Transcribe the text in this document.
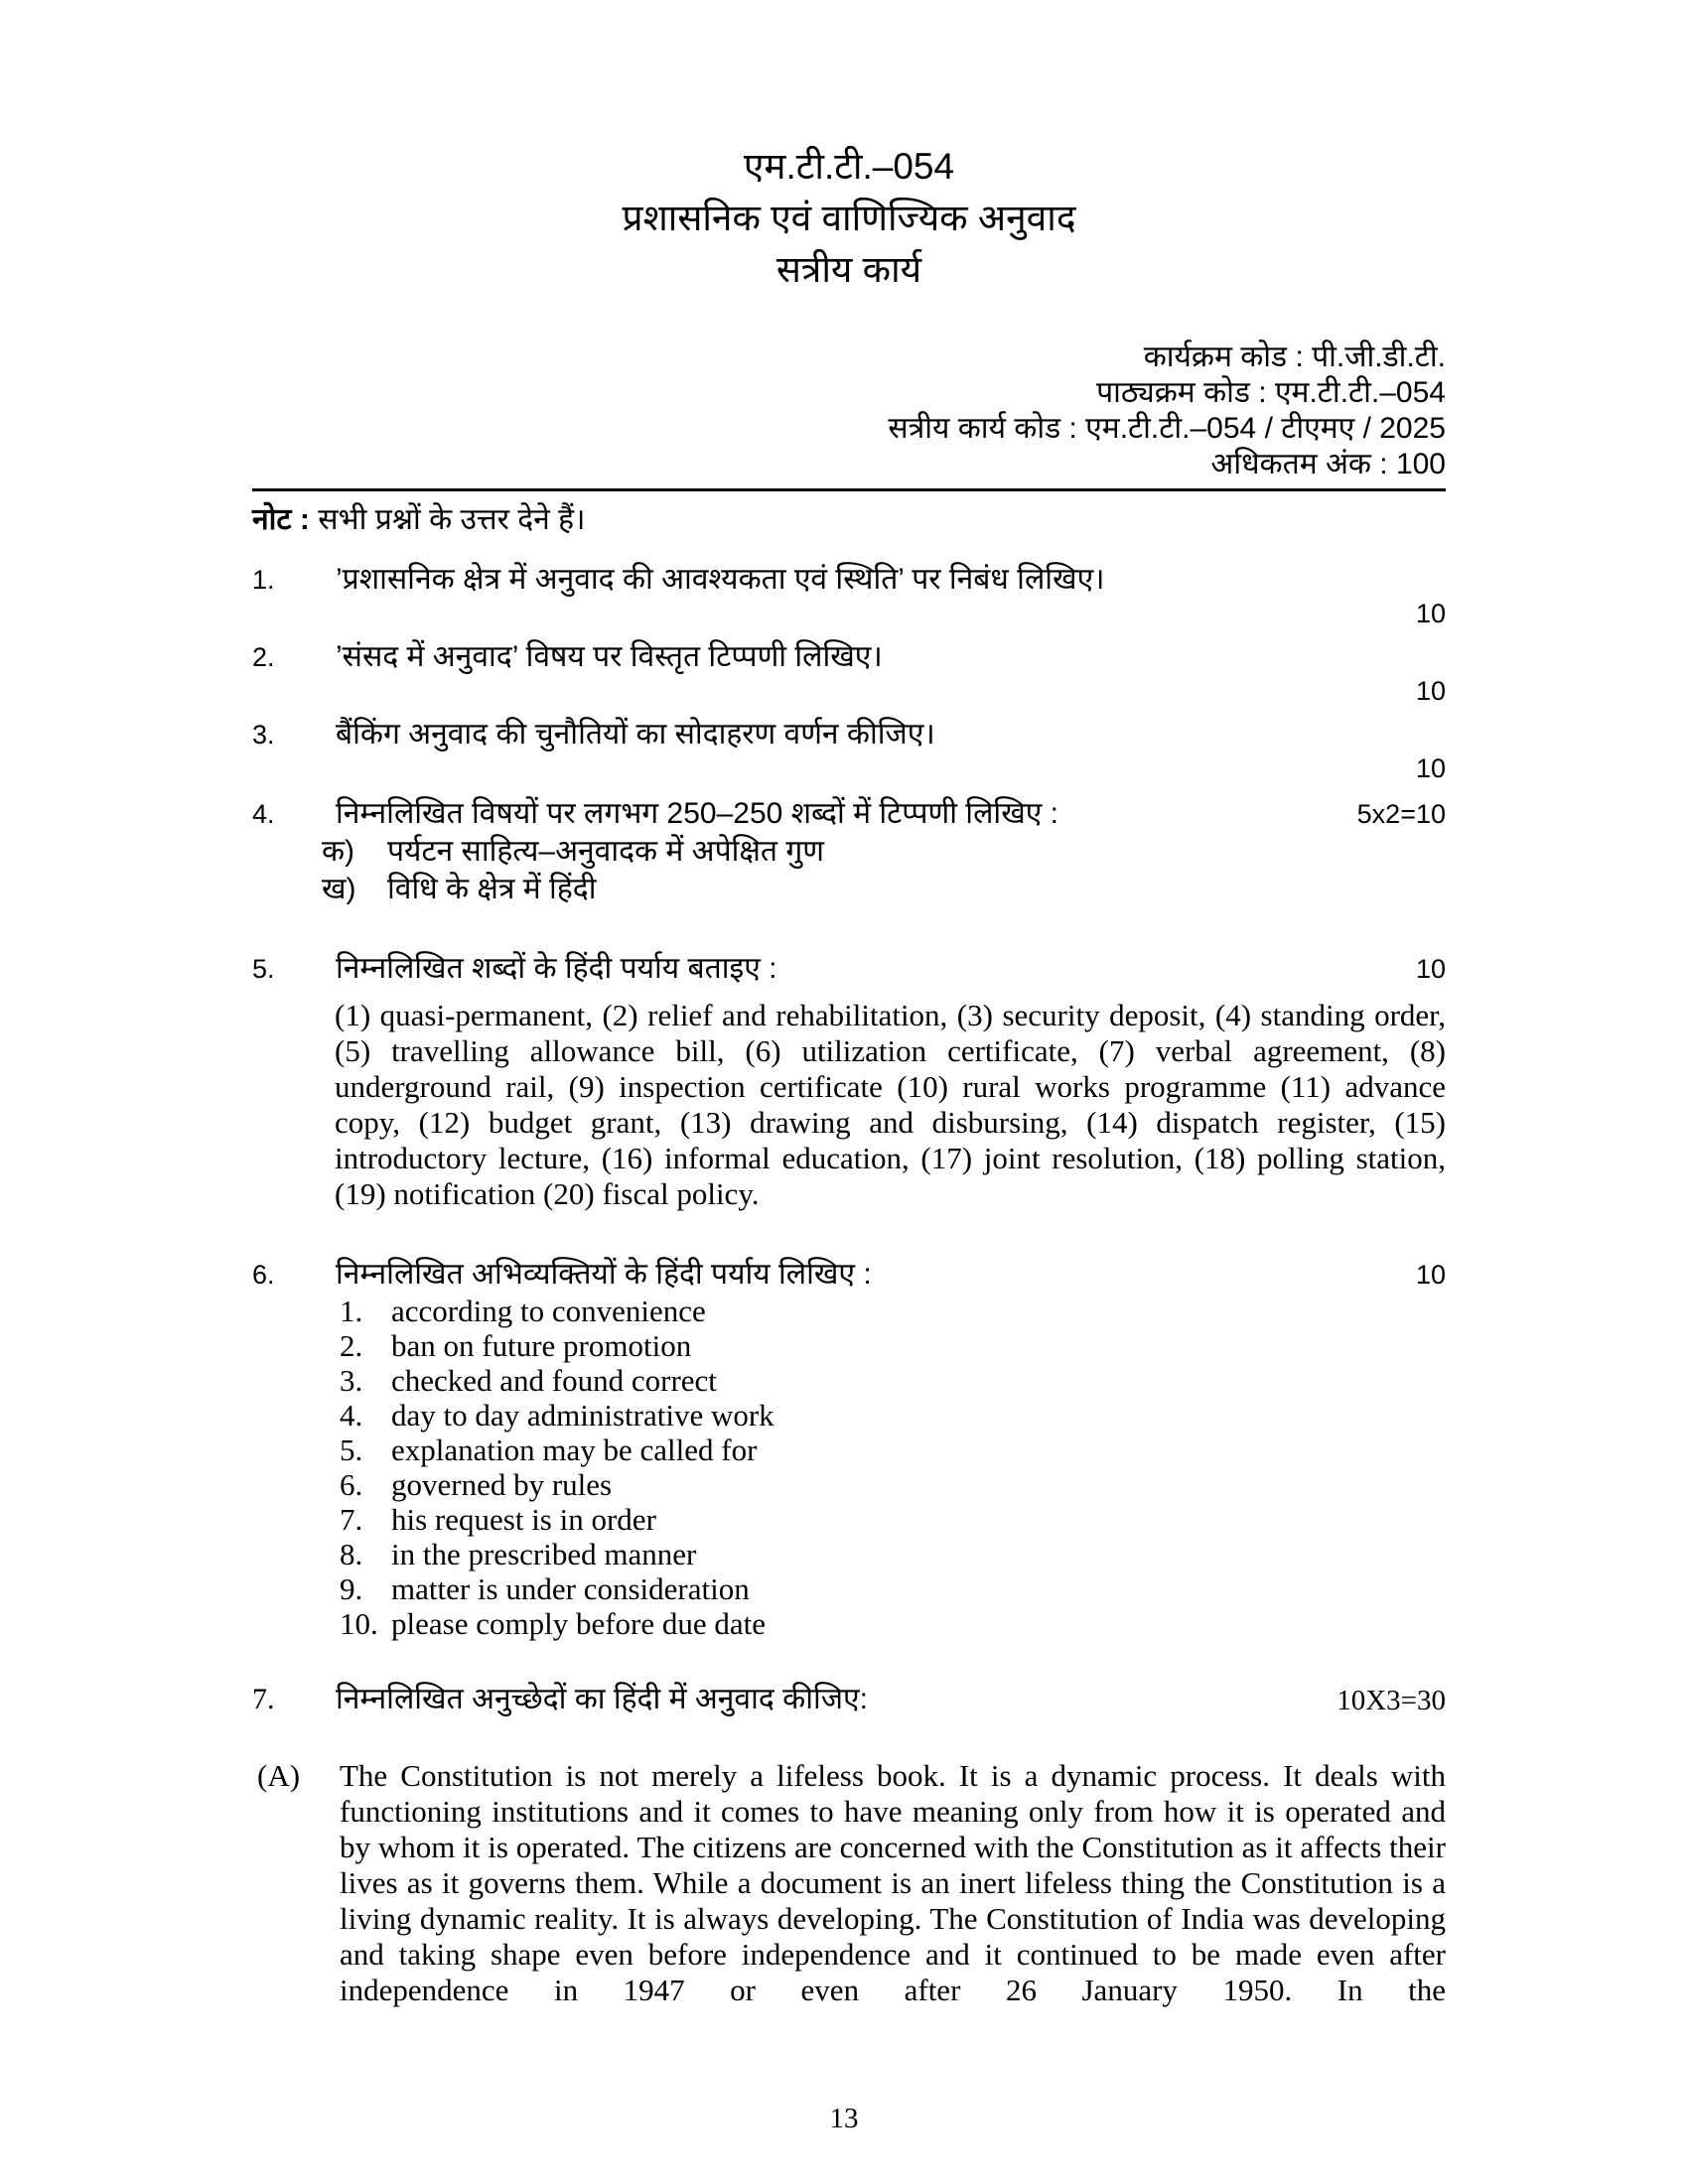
एम.टी.टी.–054
प्रशासनिक एवं वाणिज्यिक अनुवाद
सत्रीय कार्य
कार्यक्रम कोड : पी.जी.डी.टी.
पाठ्यक्रम कोड : एम.टी.टी.–054
सत्रीय कार्य कोड : एम.टी.टी.–054 / टीएमए / 2025
अधिकतम अंक : 100
नोट : सभी प्रश्नों के उत्तर देने हैं।
1.	’प्रशासनिक क्षेत्र में अनुवाद की आवश्यकता एवं स्थिति’ पर निबंध लिखिए।
10
2.	’संसद में अनुवाद’ विषय पर विस्तृत टिप्पणी लिखिए।
10
3.	बैंकिंग अनुवाद की चुनौतियों का सोदाहरण वर्णन कीजिए।
10
4.	निम्नलिखित विषयों पर लगभग 250–250 शब्दों में टिप्पणी लिखिए :	5x2=10
क)	पर्यटन साहित्य–अनुवादक में अपेक्षित गुण
ख)	विधि के क्षेत्र में हिंदी
5.	निम्नलिखित शब्दों के हिंदी पर्याय बताइए :	10
(1) quasi-permanent, (2) relief and rehabilitation, (3) security deposit, (4) standing order, (5) travelling allowance bill, (6) utilization certificate, (7) verbal agreement, (8) underground rail, (9) inspection certificate (10) rural works programme (11) advance copy, (12) budget grant, (13) drawing and disbursing, (14) dispatch register, (15) introductory lecture, (16) informal education, (17) joint resolution, (18) polling station, (19) notification (20) fiscal policy.
6.	निम्नलिखित अभिव्यक्तियों के हिंदी पर्याय लिखिए :	10
1. according to convenience
2. ban on future promotion
3. checked and found correct
4. day to day administrative work
5. explanation may be called for
6. governed by rules
7. his request is in order
8. in the prescribed manner
9. matter is under consideration
10. please comply before due date
7.	निम्नलिखित अनुच्छेदों का हिंदी में अनुवाद कीजिए:	10X3=30
(A)	The Constitution is not merely a lifeless book. It is a dynamic process. It deals with functioning institutions and it comes to have meaning only from how it is operated and by whom it is operated. The citizens are concerned with the Constitution as it affects their lives as it governs them. While a document is an inert lifeless thing the Constitution is a living dynamic reality. It is always developing. The Constitution of India was developing and taking shape even before independence and it continued to be made even after independence in 1947 or even after 26 January 1950. In the
13
